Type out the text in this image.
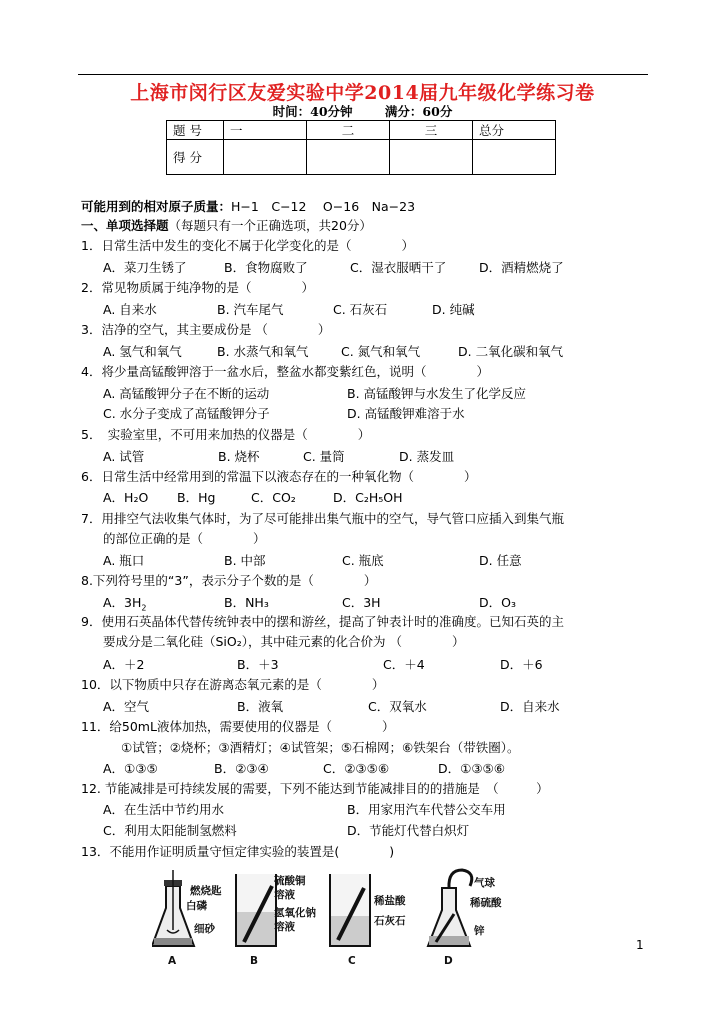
上海市闵行区友爱实验中学2014届九年级化学练习卷
时间：40分钟	满分：60分
题 号	一	二	三	总分
得 分				
可能用到的相对原子质量：H−1　C−12　 O−16　Na−23
一、单项选择题（每题只有一个正确选项，共20分）
1．日常生活中发生的变化不属于化学变化的是（　　　　）
A．菜刀生锈了	B．食物腐败了	C．湿衣服晒干了	D．酒精燃烧了
2．常见物质属于纯净物的是（　　　　）
A. 自来水	B. 汽车尾气	C. 石灰石	D. 纯碱
3．洁净的空气，其主要成份是 （　　　　）
A. 氢气和氧气	B. 水蒸气和氧气	C. 氮气和氧气	D. 二氧化碳和氧气
4．将少量高锰酸钾溶于一盆水后，整盆水都变紫红色，说明（　　　　）
A. 高锰酸钾分子在不断的运动	B. 高锰酸钾与水发生了化学反应
C. 水分子变成了高锰酸钾分子	D. 高锰酸钾难溶于水
5．　实验室里，不可用来加热的仪器是（　　　　）
A. 试管	B. 烧杯	C. 量筒	D. 蒸发皿
6．日常生活中经常用到的常温下以液态存在的一种氧化物（　　　　）
A．H₂O B．Hg	C．CO₂	D．C₂H₅OH
7．用排空气法收集气体时，为了尽可能排出集气瓶中的空气，导气管口应插入到集气瓶
的部位正确的是（　　　　）
A. 瓶口	B. 中部	C. 瓶底	D. 任意
8.下列符号里的“3”，表示分子个数的是（　　　　）
A．$3H_2$	B．NH₃	C．3H	D．O₃
9．使用石英晶体代替传统钟表中的摆和游丝，提高了钟表计时的准确度。已知石英的主
要成分是二氧化硅（SiO₂），其中硅元素的化合价为 （　　　　）
A．＋2	B．＋3	C．＋4	D．＋6
10．以下物质中只存在游离态氧元素的是（　　　　）
A．空气	B．液氧	C．双氧水	D．自来水
11．给50mL液体加热，需要使用的仪器是（　　　　）
①试管；②烧杯；③酒精灯；④试管架；⑤石棉网；⑥铁架台（带铁圈）。
A．①③⑤	B．②③④	C．②③⑤⑥	D．①③⑤⑥
12. 节能减排是可持续发展的需要，下列不能达到节能减排目的的措施是　（　　　）
A．在生活中节约用水	B．用家用汽车代替公交车用
C．利用太阳能制氢燃料	D．节能灯代替白炽灯
13．不能用作证明质量守恒定律实验的装置是(　　　　)
燃烧匙
白磷
细砂
A
硫酸铜
溶液
氢氧化钠
溶液
B
稀盐酸
石灰石
C
气球
稀硫酸
锌
D
1
